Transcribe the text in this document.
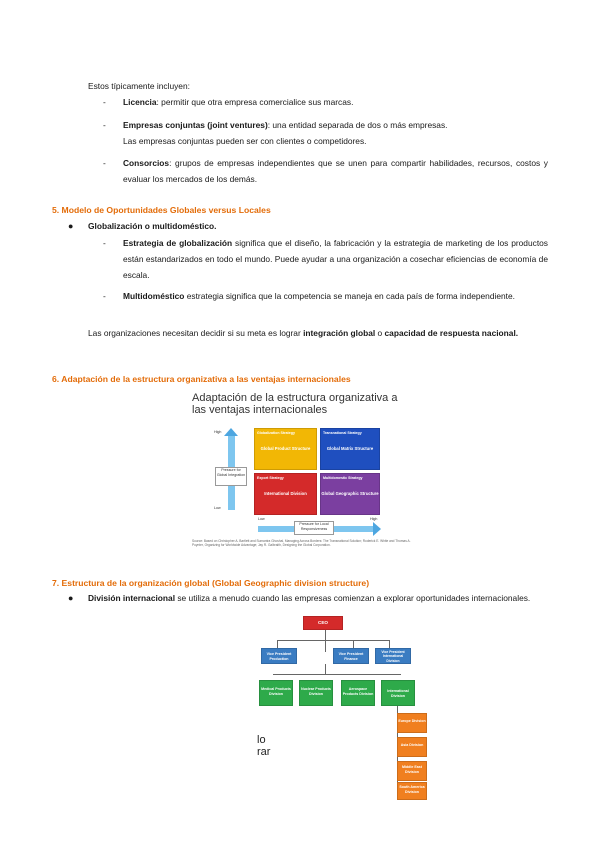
Estos típicamente incluyen:

- Licencia: permitir que otra empresa comercialice sus marcas.

- Empresas conjuntas (joint ventures): una entidad separada de dos o más empresas.
Las empresas conjuntas pueden ser con clientes o competidores.

- Consorcios: grupos de empresas independientes que se unen para compartir habilidades, recursos, costos y evaluar los mercados de los demás.

5. Modelo de Oportunidades Globales versus Locales

● Globalización o multidoméstico.

- Estrategia de globalización significa que el diseño, la fabricación y la estrategia de marketing de los productos están estandarizados en todo el mundo. Puede ayudar a una organización a cosechar eficiencias de economía de escala.

- Multidoméstico estrategia significa que la competencia se maneja en cada país de forma independiente.

Las organizaciones necesitan decidir si su meta es lograr integración global o capacidad de respuesta nacional.

6. Adaptación de la estructura organizativa a las ventajas internacionales

Adaptación de la estructura organizativa a
las ventajas internacionales
High
Low
Pressure for Global Integration
Globalization Strategy
Global Product Structure
Transnational Strategy
Global Matrix Structure
Export Strategy
International Division
Multidomestic Strategy
Global Geographic Structure
Low	High
Pressure for Local Responsiveness
Source: Based on Christopher A. Bartlett and Sumantra Ghoshal, Managing Across Borders: The Transnational Solution; Roderick E. White and Thomas A. Poynter, Organizing for Worldwide Advantage; Jay R. Galbraith, Designing the Global Corporation.

7. Estructura de la organización global (Global Geographic division structure)

● División internacional se utiliza a menudo cuando las empresas comienzan a explorar oportunidades internacionales.

CEO
Vice President Production
Vice President Finance
Vice President International Division
Medical Products Division
Nuclear Products Division
Aerospace Products Division
International Division
Europe Division
Asia Division
Middle East Division
South America Division
lo
rar
